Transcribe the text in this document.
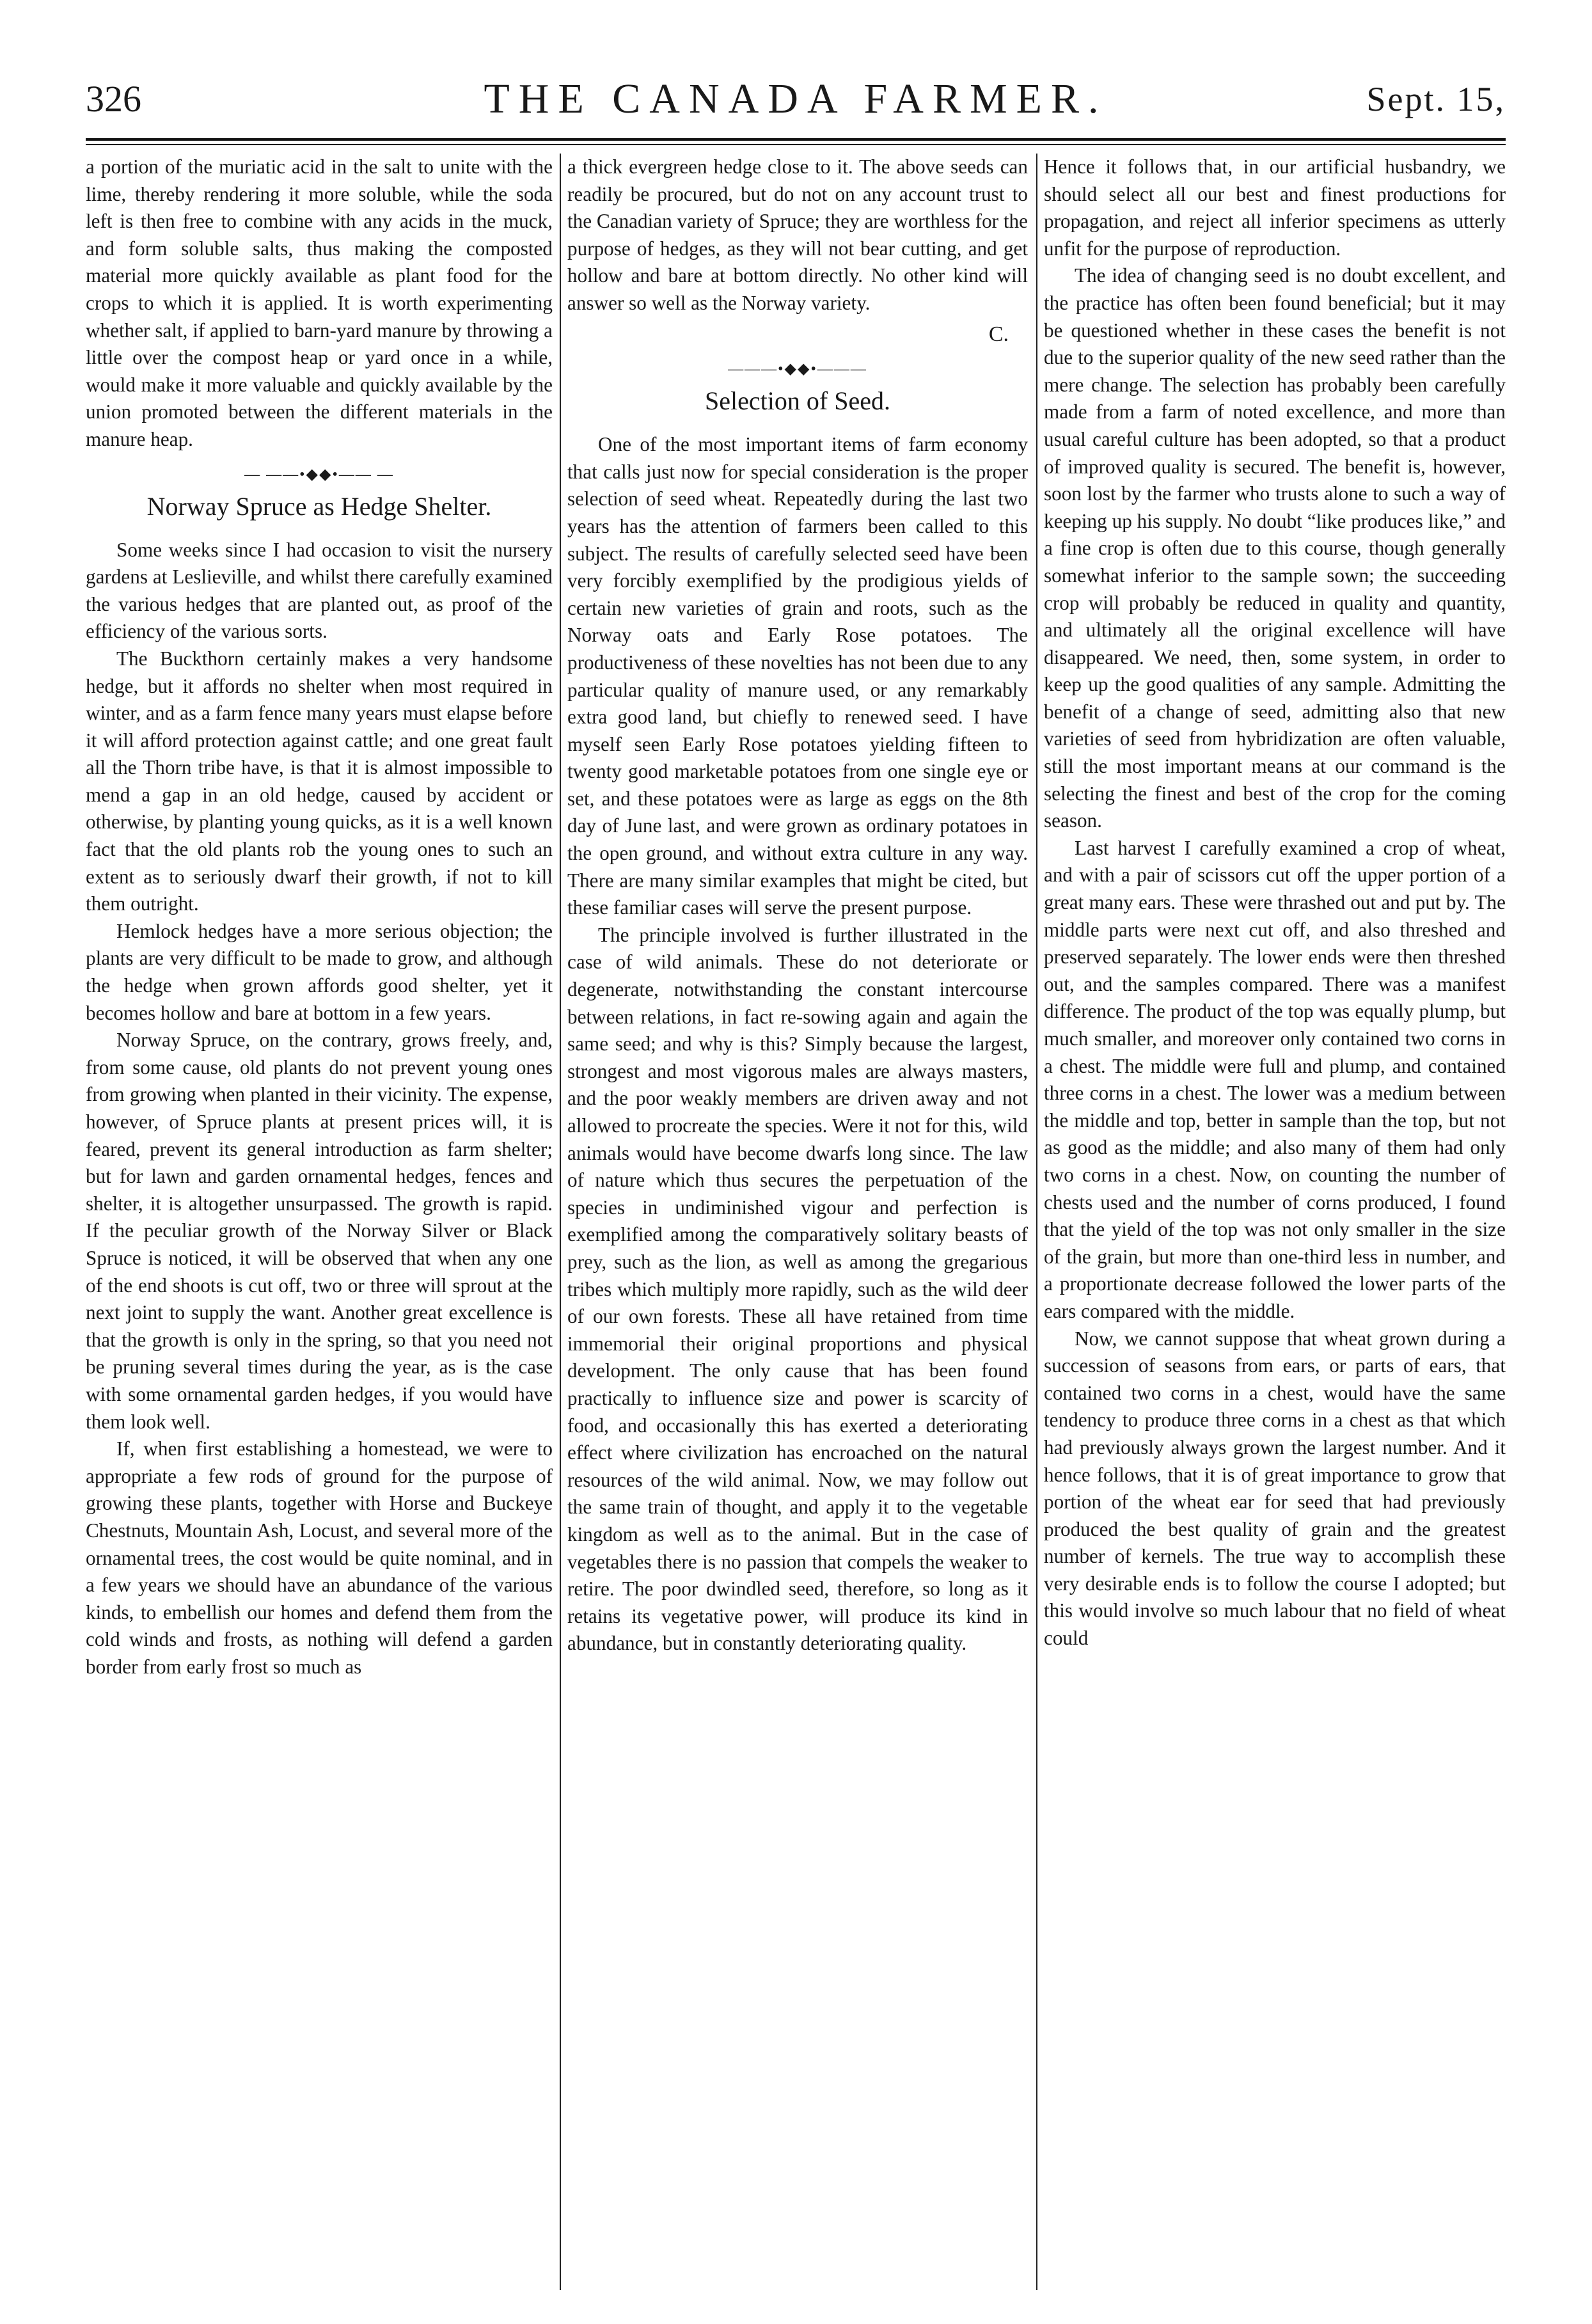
326	THE CANADA FARMER.	Sept. 15,

a portion of the muriatic acid in the salt to unite with the lime, thereby rendering it more soluble, while the soda left is then free to combine with any acids in the muck, and form soluble salts, thus making the composted material more quickly available as plant food for the crops to which it is applied. It is worth experimenting whether salt, if applied to barn-yard manure by throwing a little over the compost heap or yard once in a while, would make it more valuable and quickly available by the union promoted between the different materials in the manure heap.

— ——•◆◆•—— —
Norway Spruce as Hedge Shelter.

Some weeks since I had occasion to visit the nursery gardens at Leslieville, and whilst there carefully examined the various hedges that are planted out, as proof of the efficiency of the various sorts.

The Buckthorn certainly makes a very handsome hedge, but it affords no shelter when most required in winter, and as a farm fence many years must elapse before it will afford protection against cattle; and one great fault all the Thorn tribe have, is that it is almost impossible to mend a gap in an old hedge, caused by accident or otherwise, by planting young quicks, as it is a well known fact that the old plants rob the young ones to such an extent as to seriously dwarf their growth, if not to kill them outright.

Hemlock hedges have a more serious objection; the plants are very difficult to be made to grow, and although the hedge when grown affords good shelter, yet it becomes hollow and bare at bottom in a few years.

Norway Spruce, on the contrary, grows freely, and, from some cause, old plants do not prevent young ones from growing when planted in their vicinity. The expense, however, of Spruce plants at present prices will, it is feared, prevent its general introduction as farm shelter; but for lawn and garden ornamental hedges, fences and shelter, it is altogether unsurpassed. The growth is rapid. If the peculiar growth of the Norway Silver or Black Spruce is noticed, it will be observed that when any one of the end shoots is cut off, two or three will sprout at the next joint to supply the want. Another great excellence is that the growth is only in the spring, so that you need not be pruning several times during the year, as is the case with some ornamental garden hedges, if you would have them look well.

If, when first establishing a homestead, we were to appropriate a few rods of ground for the purpose of growing these plants, together with Horse and Buckeye Chestnuts, Mountain Ash, Locust, and several more of the ornamental trees, the cost would be quite nominal, and in a few years we should have an abundance of the various kinds, to embellish our homes and defend them from the cold winds and frosts, as nothing will defend a garden border from early frost so much as

a thick evergreen hedge close to it. The above seeds can readily be procured, but do not on any account trust to the Canadian variety of Spruce; they are worthless for the purpose of hedges, as they will not bear cutting, and get hollow and bare at bottom directly. No other kind will answer so well as the Norway variety.

C.
———•◆◆•———
Selection of Seed.

One of the most important items of farm economy that calls just now for special consideration is the proper selection of seed wheat. Repeatedly during the last two years has the attention of farmers been called to this subject. The results of carefully selected seed have been very forcibly exemplified by the prodigious yields of certain new varieties of grain and roots, such as the Norway oats and Early Rose potatoes. The productiveness of these novelties has not been due to any particular quality of manure used, or any remarkably extra good land, but chiefly to renewed seed. I have myself seen Early Rose potatoes yielding fifteen to twenty good marketable potatoes from one single eye or set, and these potatoes were as large as eggs on the 8th day of June last, and were grown as ordinary potatoes in the open ground, and without extra culture in any way. There are many similar examples that might be cited, but these familiar cases will serve the present purpose.

The principle involved is further illustrated in the case of wild animals. These do not deteriorate or degenerate, notwithstanding the constant intercourse between relations, in fact re-sowing again and again the same seed; and why is this? Simply because the largest, strongest and most vigorous males are always masters, and the poor weakly members are driven away and not allowed to procreate the species. Were it not for this, wild animals would have become dwarfs long since. The law of nature which thus secures the perpetuation of the species in undiminished vigour and perfection is exemplified among the comparatively solitary beasts of prey, such as the lion, as well as among the gregarious tribes which multiply more rapidly, such as the wild deer of our own forests. These all have retained from time immemorial their original proportions and physical development. The only cause that has been found practically to influence size and power is scarcity of food, and occasionally this has exerted a deteriorating effect where civilization has encroached on the natural resources of the wild animal. Now, we may follow out the same train of thought, and apply it to the vegetable kingdom as well as to the animal. But in the case of vegetables there is no passion that compels the weaker to retire. The poor dwindled seed, therefore, so long as it retains its vegetative power, will produce its kind in abundance, but in constantly deteriorating quality.

Hence it follows that, in our artificial husbandry, we should select all our best and finest productions for propagation, and reject all inferior specimens as utterly unfit for the purpose of reproduction.

The idea of changing seed is no doubt excellent, and the practice has often been found beneficial; but it may be questioned whether in these cases the benefit is not due to the superior quality of the new seed rather than the mere change. The selection has probably been carefully made from a farm of noted excellence, and more than usual careful culture has been adopted, so that a product of improved quality is secured. The benefit is, however, soon lost by the farmer who trusts alone to such a way of keeping up his supply. No doubt “like produces like,” and a fine crop is often due to this course, though generally somewhat inferior to the sample sown; the succeeding crop will probably be reduced in quality and quantity, and ultimately all the original excellence will have disappeared. We need, then, some system, in order to keep up the good qualities of any sample. Admitting the benefit of a change of seed, admitting also that new varieties of seed from hybridization are often valuable, still the most important means at our command is the selecting the finest and best of the crop for the coming season.

Last harvest I carefully examined a crop of wheat, and with a pair of scissors cut off the upper portion of a great many ears. These were thrashed out and put by. The middle parts were next cut off, and also threshed and preserved separately. The lower ends were then threshed out, and the samples compared. There was a manifest difference. The product of the top was equally plump, but much smaller, and moreover only contained two corns in a chest. The middle were full and plump, and contained three corns in a chest. The lower was a medium between the middle and top, better in sample than the top, but not as good as the middle; and also many of them had only two corns in a chest. Now, on counting the number of chests used and the number of corns produced, I found that the yield of the top was not only smaller in the size of the grain, but more than one-third less in number, and a proportionate decrease followed the lower parts of the ears compared with the middle.

Now, we cannot suppose that wheat grown during a succession of seasons from ears, or parts of ears, that contained two corns in a chest, would have the same tendency to produce three corns in a chest as that which had previously always grown the largest number. And it hence follows, that it is of great importance to grow that portion of the wheat ear for seed that had previously produced the best quality of grain and the greatest number of kernels. The true way to accomplish these very desirable ends is to follow the course I adopted; but this would involve so much labour that no field of wheat could
